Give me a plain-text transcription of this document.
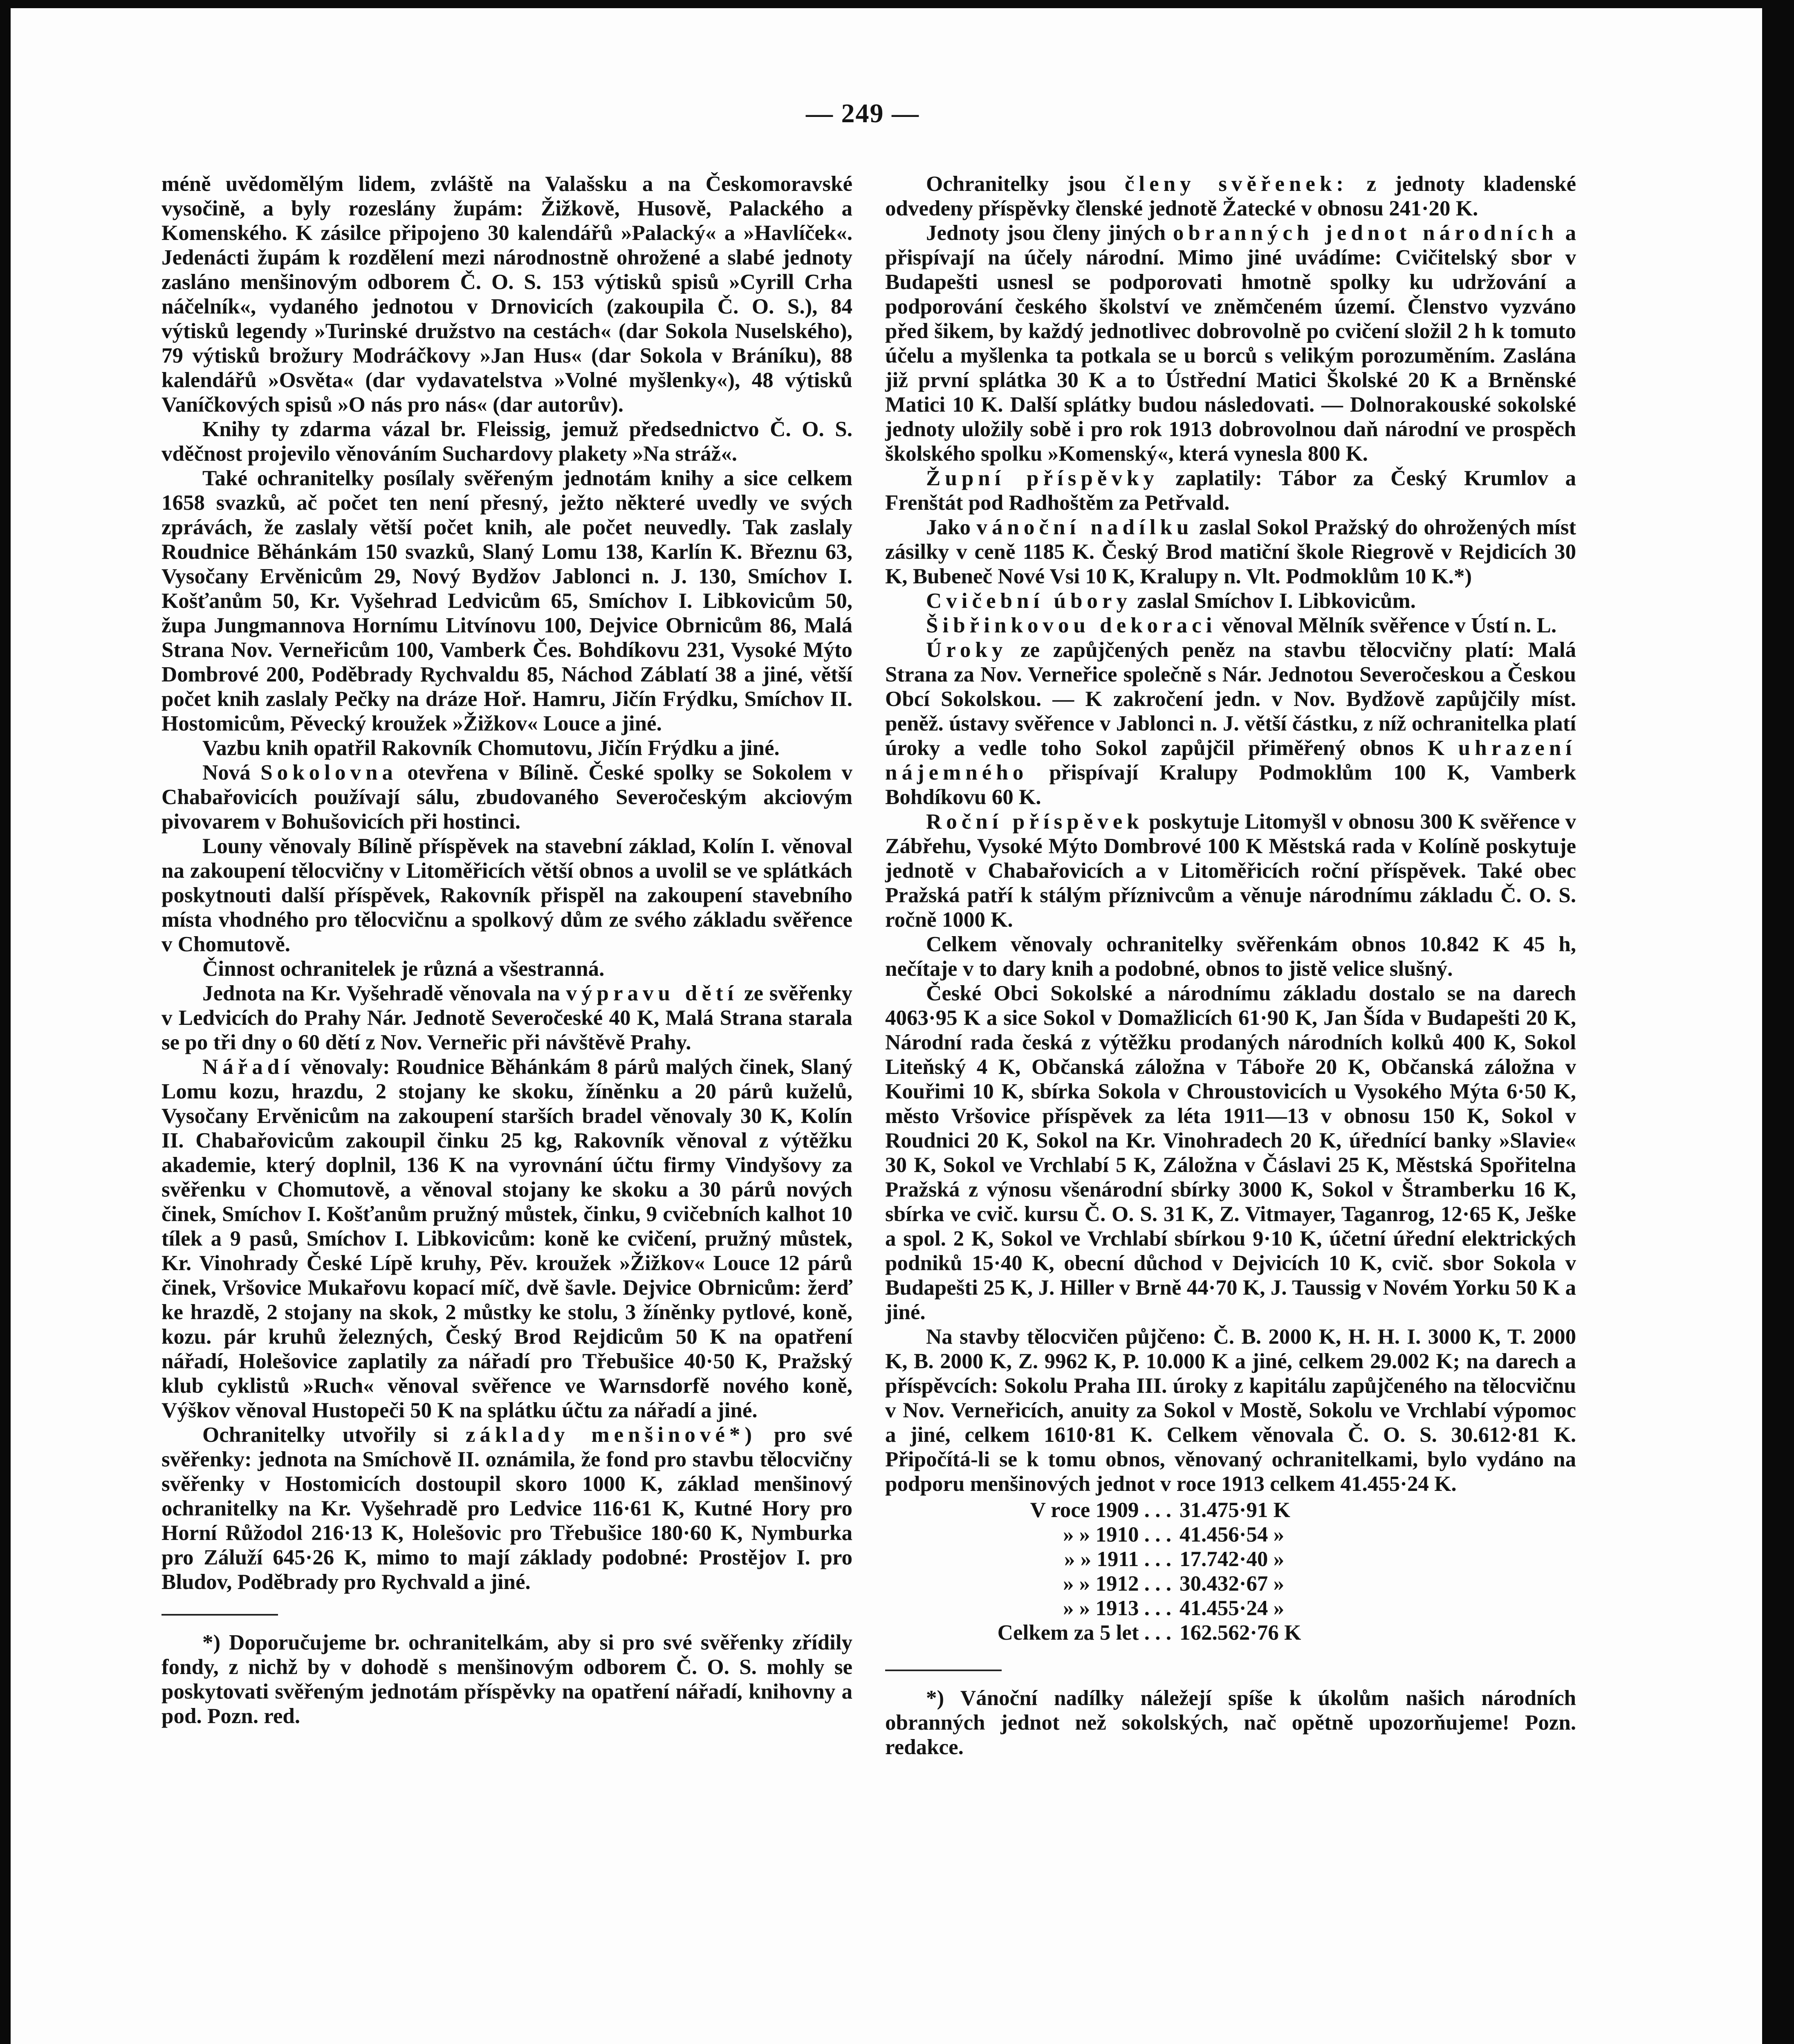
— 249 —

méně uvědomělým lidem, zvláště na Valašsku a na Českomoravské vysočině, a byly rozeslány župám: Žižkově, Husově, Palackého a Komenského. K zásilce připojeno 30 kalendářů »Palacký« a »Havlíček«. Jedenácti župám k rozdělení mezi národnostně ohrožené a slabé jednoty zasláno menšinovým odborem Č. O. S. 153 výtisků spisů »Cyrill Crha náčelník«, vydaného jednotou v Drnovicích (zakoupila Č. O. S.), 84 výtisků legendy »Turinské družstvo na cestách« (dar Sokola Nuselského), 79 výtisků brožury Modráčkovy »Jan Hus« (dar Sokola v Bráníku), 88 kalendářů »Osvěta« (dar vydavatelstva »Volné myšlenky«), 48 výtisků Vaníčkových spisů »O nás pro nás« (dar autorův).

Knihy ty zdarma vázal br. Fleissig, jemuž předsednictvo Č. O. S. vděčnost projevilo věnováním Suchardovy plakety »Na stráž«.

Také ochranitelky posílaly svěřeným jednotám knihy a sice celkem 1658 svazků, ač počet ten není přesný, ježto některé uvedly ve svých zprávách, že zaslaly větší počet knih, ale počet neuvedly. Tak zaslaly Roudnice Běhánkám 150 svazků, Slaný Lomu 138, Karlín K. Březnu 63, Vysočany Ervěnicům 29, Nový Bydžov Jablonci n. J. 130, Smíchov I. Košťanům 50, Kr. Vyšehrad Ledvicům 65, Smíchov I. Libkovicům 50, župa Jungmannova Hornímu Litvínovu 100, Dejvice Obrnicům 86, Malá Strana Nov. Verneřicům 100, Vamberk Čes. Bohdíkovu 231, Vysoké Mýto Dombrové 200, Poděbrady Rychvaldu 85, Náchod Záblatí 38 a jiné, větší počet knih zaslaly Pečky na dráze Hoř. Hamru, Jičín Frýdku, Smíchov II. Hostomicům, Pěvecký kroužek »Žižkov« Louce a jiné.

Vazbu knih opatřil Rakovník Chomutovu, Jičín Frýdku a jiné.

Nová Sokolovna otevřena v Bílině. České spolky se Sokolem v Chabařovicích používají sálu, zbudovaného Severočeským akciovým pivovarem v Bohušovicích při hostinci.

Louny věnovaly Bílině příspěvek na stavební základ, Kolín I. věnoval na zakoupení tělocvičny v Litoměřicích větší obnos a uvolil se ve splátkách poskytnouti další příspěvek, Rakovník přispěl na zakoupení stavebního místa vhodného pro tělocvičnu a spolkový dům ze svého základu svěřence v Chomutově.

Činnost ochranitelek je různá a všestranná.

Jednota na Kr. Vyšehradě věnovala na výpravu dětí ze svěřenky v Ledvicích do Prahy Nár. Jednotě Severočeské 40 K, Malá Strana starala se po tři dny o 60 dětí z Nov. Verneřic při návštěvě Prahy.

Nářadí věnovaly: Roudnice Běhánkám 8 párů malých činek, Slaný Lomu kozu, hrazdu, 2 stojany ke skoku, žíněnku a 20 párů kuželů, Vysočany Ervěnicům na zakoupení starších bradel věnovaly 30 K, Kolín II. Chabařovicům zakoupil činku 25 kg, Rakovník věnoval z výtěžku akademie, který doplnil, 136 K na vyrovnání účtu firmy Vindyšovy za svěřenku v Chomutově, a věnoval stojany ke skoku a 30 párů nových činek, Smíchov I. Košťanům pružný můstek, činku, 9 cvičebních kalhot 10 tílek a 9 pasů, Smíchov I. Libkovicům: koně ke cvičení, pružný můstek, Kr. Vinohrady České Lípě kruhy, Pěv. kroužek »Žižkov« Louce 12 párů činek, Vršovice Mukařovu kopací míč, dvě šavle. Dejvice Obrnicům: žerď ke hrazdě, 2 stojany na skok, 2 můstky ke stolu, 3 žíněnky pytlové, koně, kozu. pár kruhů železných, Český Brod Rejdicům 50 K na opatření nářadí, Holešovice zaplatily za nářadí pro Třebušice 40·50 K, Pražský klub cyklistů »Ruch« věnoval svěřence ve Warnsdorfě nového koně, Výškov věnoval Hustopeči 50 K na splátku účtu za nářadí a jiné.

Ochranitelky utvořily si základy menšinové*) pro své svěřenky: jednota na Smíchově II. oznámila, že fond pro stavbu tělocvičny svěřenky v Hostomicích dostoupil skoro 1000 K, základ menšinový ochranitelky na Kr. Vyšehradě pro Ledvice 116·61 K, Kutné Hory pro Horní Růžodol 216·13 K, Holešovic pro Třebušice 180·60 K, Nymburka pro Záluží 645·26 K, mimo to mají základy podobné: Prostějov I. pro Bludov, Poděbrady pro Rychvald a jiné.

*) Doporučujeme br. ochranitelkám, aby si pro své svěřenky zřídily fondy, z nichž by v dohodě s menšinovým odborem Č. O. S. mohly se poskytovati svěřeným jednotám příspěvky na opatření nářadí, knihovny a pod. Pozn. red.

Ochranitelky jsou členy svěřenek: z jednoty kladenské odvedeny příspěvky členské jednotě Žatecké v obnosu 241·20 K.

Jednoty jsou členy jiných obranných jednot národních a přispívají na účely národní. Mimo jiné uvádíme: Cvičitelský sbor v Budapešti usnesl se podporovati hmotně spolky ku udržování a podporování českého školství ve zněmčeném území. Členstvo vyzváno před šikem, by každý jednotlivec dobrovolně po cvičení složil 2 h k tomuto účelu a myšlenka ta potkala se u borců s velikým porozuměním. Zaslána již první splátka 30 K a to Ústřední Matici Školské 20 K a Brněnské Matici 10 K. Další splátky budou následovati. — Dolnorakouské sokolské jednoty uložily sobě i pro rok 1913 dobrovolnou daň národní ve prospěch školského spolku »Komenský«, která vynesla 800 K.

Župní příspěvky zaplatily: Tábor za Český Krumlov a Frenštát pod Radhoštěm za Petřvald.

Jako vánoční nadílku zaslal Sokol Pražský do ohrožených míst zásilky v ceně 1185 K. Český Brod matiční škole Riegrově v Rejdicích 30 K, Bubeneč Nové Vsi 10 K, Kralupy n. Vlt. Podmoklům 10 K.*)

Cvičební úbory zaslal Smíchov I. Libkovicům.

Šibřinkovou dekoraci věnoval Mělník svěřence v Ústí n. L.

Úroky ze zapůjčených peněz na stavbu tělocvičny platí: Malá Strana za Nov. Verneřice společně s Nár. Jednotou Severočeskou a Českou Obcí Sokolskou. — K zakročení jedn. v Nov. Bydžově zapůjčily míst. peněž. ústavy svěřence v Jablonci n. J. větší částku, z níž ochranitelka platí úroky a vedle toho Sokol zapůjčil přiměřený obnos K uhrazení nájemného přispívají Kralupy Podmoklům 100 K, Vamberk Bohdíkovu 60 K.

Roční příspěvek poskytuje Litomyšl v obnosu 300 K svěřence v Zábřehu, Vysoké Mýto Dombrové 100 K Městská rada v Kolíně poskytuje jednotě v Chabařovicích a v Litoměřicích roční příspěvek. Také obec Pražská patří k stálým příznivcům a věnuje národnímu základu Č. O. S. ročně 1000 K.

Celkem věnovaly ochranitelky svěřenkám obnos 10.842 K 45 h, nečítaje v to dary knih a podobné, obnos to jistě velice slušný.

České Obci Sokolské a národnímu základu dostalo se na darech 4063·95 K a sice Sokol v Domažlicích 61·90 K, Jan Šída v Budapešti 20 K, Národní rada česká z výtěžku prodaných národních kolků 400 K, Sokol Liteňský 4 K, Občanská záložna v Táboře 20 K, Občanská záložna v Kouřimi 10 K, sbírka Sokola v Chroustovicích u Vysokého Mýta 6·50 K, město Vršovice příspěvek za léta 1911—13 v obnosu 150 K, Sokol v Roudnici 20 K, Sokol na Kr. Vinohradech 20 K, úřednící banky »Slavie« 30 K, Sokol ve Vrchlabí 5 K, Záložna v Čáslavi 25 K, Městská Spořitelna Pražská z výnosu všenárodní sbírky 3000 K, Sokol v Štramberku 16 K, sbírka ve cvič. kursu Č. O. S. 31 K, Z. Vitmayer, Taganrog, 12·65 K, Ješke a spol. 2 K, Sokol ve Vrchlabí sbírkou 9·10 K, účetní úřední elektrických podniků 15·40 K, obecní důchod v Dejvicích 10 K, cvič. sbor Sokola v Budapešti 25 K, J. Hiller v Brně 44·70 K, J. Taussig v Novém Yorku 50 K a jiné.

Na stavby tělocvičen půjčeno: Č. B. 2000 K, H. H. I. 3000 K, T. 2000 K, B. 2000 K, Z. 9962 K, P. 10.000 K a jiné, celkem 29.002 K; na darech a příspěvcích: Sokolu Praha III. úroky z kapitálu zapůjčeného na tělocvičnu v Nov. Verneřicích, anuity za Sokol v Mostě, Sokolu ve Vrchlabí výpomoc a jiné, celkem 1610·81 K. Celkem věnovala Č. O. S. 30.612·81 K. Připočítá-li se k tomu obnos, věnovaný ochranitelkami, bylo vydáno na podporu menšinových jednot v roce 1913 celkem 41.455·24 K.

V roce 1909 . . . 31.475·91 K
» » 1910 . . . 41.456·54 »
» » 1911 . . . 17.742·40 »
» » 1912 . . . 30.432·67 »
» » 1913 . . . 41.455·24 »
Celkem za 5 let . . . 162.562·76 K

*) Vánoční nadílky náležejí spíše k úkolům našich národních obranných jednot než sokolských, nač opětně upozorňujeme! Pozn. redakce.
